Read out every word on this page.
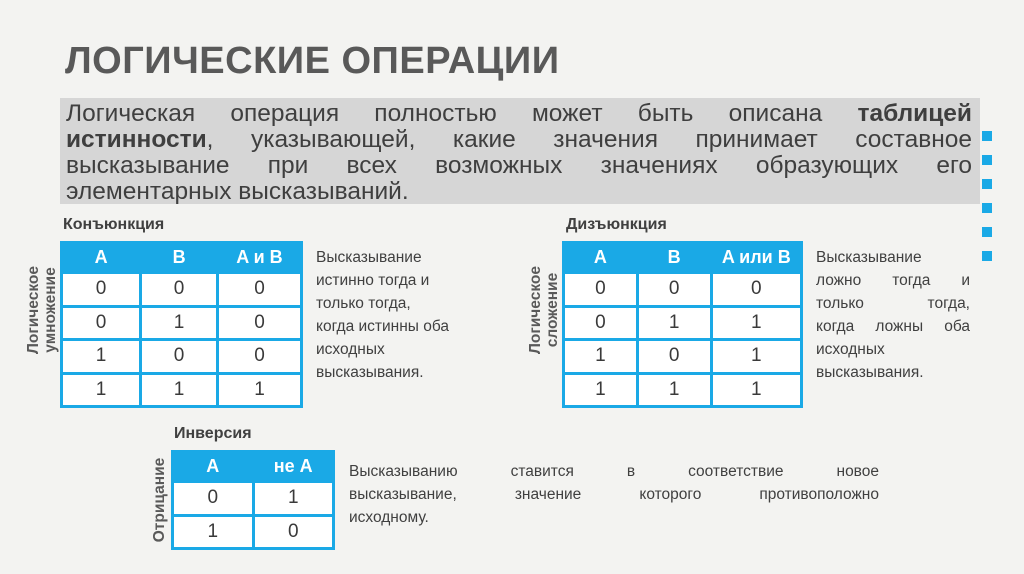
ЛОГИЧЕСКИЕ ОПЕРАЦИИ
Логическая операция полностью может быть описана таблицей
истинности, указывающей, какие значения принимает составное
высказывание при всех возможных значениях образующих его
элементарных высказываний.
Конъюнкция
Логическое
умножение
A	B	A и B
0	0	0
0	1	0
1	0	0
1	1	1
Высказывание
истинно тогда и
только тогда,
когда истинны оба
исходных
высказывания.
Дизъюнкция
Логическое
сложение
A	B	A или B
0	0	0
0	1	1
1	0	1
1	1	1
Высказывание
ложно тогда и
только тогда,
когда ложны оба
исходных
высказывания.
Инверсия
Отрицание A	не A
0	1
1	0
Высказыванию ставится в соответствие новое
высказывание, значение которого противоположно
исходному.
